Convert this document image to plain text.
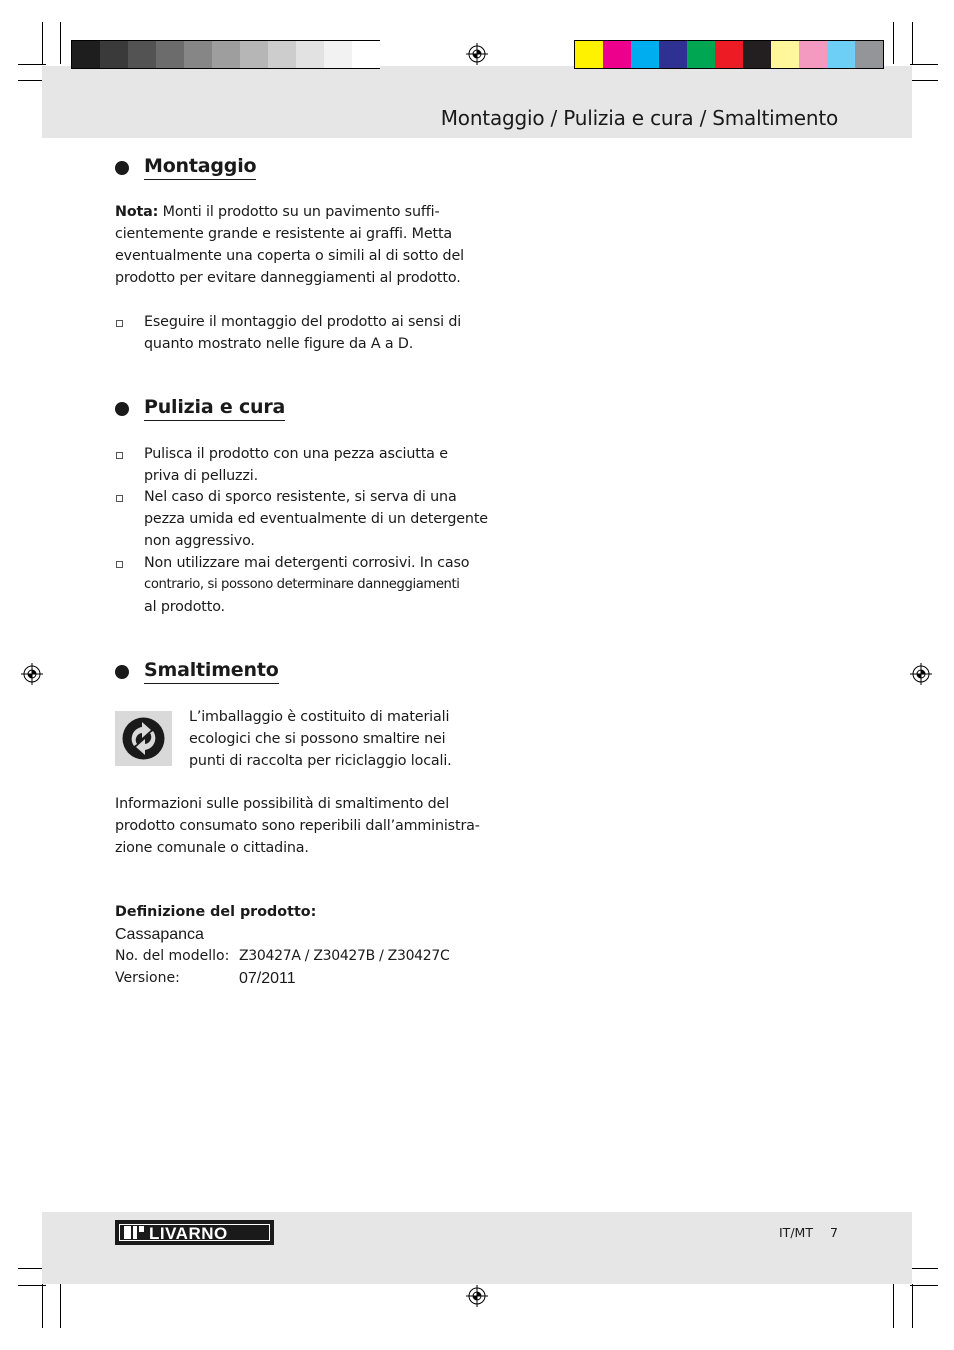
Montaggio / Pulizia e cura / Smaltimento
Montaggio
Nota: Monti il prodotto su un pavimento suffi-
cientemente grande e resistente ai graffi. Metta
eventualmente una coperta o simili al di sotto del
prodotto per evitare danneggiamenti al prodotto.
Eseguire il montaggio del prodotto ai sensi di
quanto mostrato nelle figure da A a D.
Pulizia e cura
Pulisca il prodotto con una pezza asciutta e
priva di pelluzzi.
Nel caso di sporco resistente, si serva di una
pezza umida ed eventualmente di un detergente
non aggressivo.
Non utilizzare mai detergenti corrosivi. In caso
contrario, si possono determinare danneggiamenti
al prodotto.
Smaltimento
L’imballaggio è costituito di materiali
ecologici che si possono smaltire nei
punti di raccolta per riciclaggio locali.
Informazioni sulle possibilità di smaltimento del
prodotto consumato sono reperibili dall’amministra-
zione comunale o cittadina.
Definizione del prodotto:
Cassapanca
No. del modello: Z30427A / Z30427B / Z30427C
Versione:	07/2011
LIVARNO	IT/MT 7
